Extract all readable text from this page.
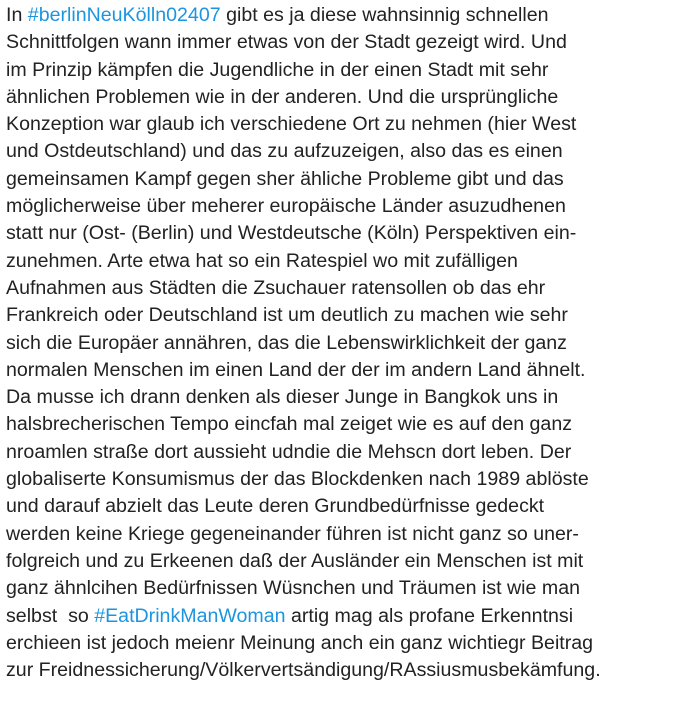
In #berlinNeuKölln02407 gibt es ja diese wahnsinnig schnellen
Schnittfolgen wann immer etwas von der Stadt gezeigt wird. Und
im Prinzip kämpfen die Jugendliche in der einen Stadt mit sehr
ähnlichen Problemen wie in der anderen. Und die ursprüngliche
Konzeption war glaub ich verschiedene Ort zu nehmen (hier West
und Ostdeutschland) und das zu aufzuzeigen, also das es einen
gemeinsamen Kampf gegen sher ähliche Probleme gibt und das
möglicherweise über meherer europäische Länder asuzudhenen
statt nur (Ost- (Berlin) und Westdeutsche (Köln) Perspektiven ein-
zunehmen. Arte etwa hat so ein Ratespiel wo mit zufälligen
Aufnahmen aus Städten die Zsuchauer ratensollen ob das ehr
Frankreich oder Deutschland ist um deutlich zu machen wie sehr
sich die Europäer annähren, das die Lebenswirklichkeit der ganz
normalen Menschen im einen Land der der im andern Land ähnelt.
Da musse ich drann denken als dieser Junge in Bangkok uns in
halsbrecherischen Tempo eincfah mal zeiget wie es auf den ganz
nroamlen straße dort aussieht udndie die Mehscn dort leben. Der
globaliserte Konsumismus der das Blockdenken nach 1989 ablöste
und darauf abzielt das Leute deren Grundbedürfnisse gedeckt
werden keine Kriege gegeneinander führen ist nicht ganz so uner-
folgreich und zu Erkeenen daß der Ausländer ein Menschen ist mit
ganz ähnlcihen Bedürfnissen Wüsnchen und Träumen ist wie man
selbst  so #EatDrinkManWoman artig mag als profane Erkenntnsi
erchieen ist jedoch meienr Meinung anch ein ganz wichtiegr Beitrag
zur Freidnessicherung/Völkervertsändigung/RAssiusmusbekämfung.
